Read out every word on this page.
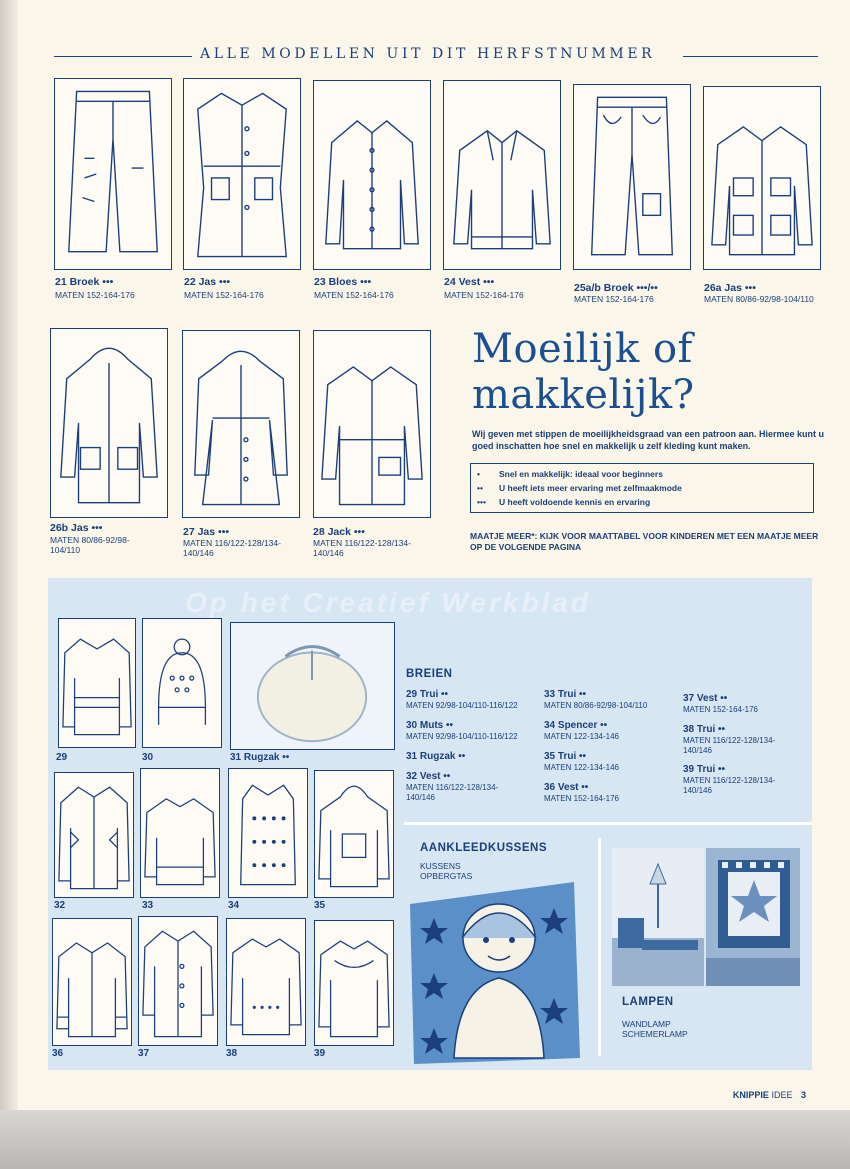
ALLE MODELLEN UIT DIT HERFSTNUMMER
21 Broek •••
MATEN 152-164-176
22 Jas •••
MATEN 152-164-176
23 Bloes •••
MATEN 152-164-176
24 Vest •••
MATEN 152-164-176
25a/b Broek •••/••
MATEN 152-164-176
26a Jas •••
MATEN 80/86-92/98-104/110
26b Jas •••
MATEN 80/86-92/98-104/110
27 Jas •••
MATEN 116/122-128/134-140/146
28 Jack •••
MATEN 116/122-128/134-140/146
Moeilijk of
makkelijk?
Wij geven met stippen de moeilijkheidsgraad van een patroon aan. Hiermee kunt u goed inschatten hoe snel en makkelijk u zelf kleding kunt maken.
• Snel en makkelijk: ideaal voor beginners
•• U heeft iets meer ervaring met zelfmaakmode
••• U heeft voldoende kennis en ervaring
MAATJE MEER*: KIJK VOOR MAATTABEL VOOR KINDEREN MET EEN MAATJE MEER OP DE VOLGENDE PAGINA
Op het Creatief Werkblad
29	30	31 Rugzak ••
32	33	34	35
36	37	38	39
BREIEN
29 Trui ••
MATEN 92/98-104/110-116/122
30 Muts ••
MATEN 92/98-104/110-116/122
31 Rugzak ••
32 Vest ••
MATEN 116/122-128/134-140/146
33 Trui ••
MATEN 80/86-92/98-104/110
34 Spencer ••
MATEN 122-134-146
35 Trui ••
MATEN 122-134-146
36 Vest ••
MATEN 152-164-176
37 Vest ••
MATEN 152-164-176
38 Trui ••
MATEN 116/122-128/134-140/146
39 Trui ••
MATEN 116/122-128/134-140/146
AANKLEEDKUSSENS
KUSSENS
OPBERGTAS
LAMPEN
WANDLAMP
SCHEMERLAMP
KNIPPIE IDEE 3
